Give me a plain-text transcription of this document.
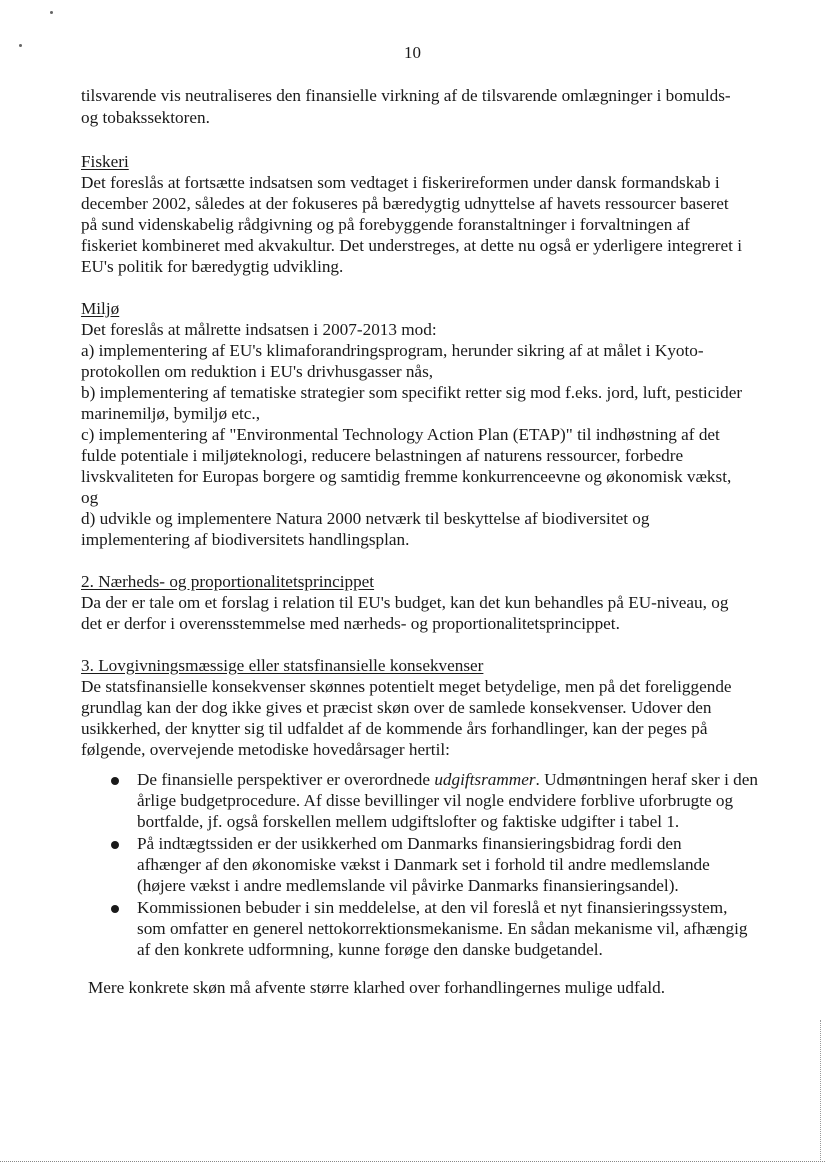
10
tilsvarende vis neutraliseres den finansielle virkning af de tilsvarende omlægninger i bomulds-
og tobakssektoren.
Fiskeri
Det foreslås at fortsætte indsatsen som vedtaget i fiskerireformen under dansk formandskab i
december 2002, således at der fokuseres på bæredygtig udnyttelse af havets ressourcer baseret
på sund videnskabelig rådgivning og på forebyggende foranstaltninger i forvaltningen af
fiskeriet kombineret med akvakultur. Det understreges, at dette nu også er yderligere integreret i
EU's politik for bæredygtig udvikling.
Miljø
Det foreslås at målrette indsatsen i 2007-2013 mod:
a) implementering af EU's klimaforandringsprogram, herunder sikring af at målet i Kyoto-
protokollen om reduktion i EU's drivhusgasser nås,
b) implementering af tematiske strategier som specifikt retter sig mod f.eks. jord, luft, pesticider
marinemiljø, bymiljø etc.,
c) implementering af "Environmental Technology Action Plan (ETAP)" til indhøstning af det
fulde potentiale i miljøteknologi, reducere belastningen af naturens ressourcer, forbedre
livskvaliteten for Europas borgere og samtidig fremme konkurrenceevne og økonomisk vækst,
og
d) udvikle og implementere Natura 2000 netværk til beskyttelse af biodiversitet og
implementering af biodiversitets handlingsplan.
2. Nærheds- og proportionalitetsprincippet
Da der er tale om et forslag i relation til EU's budget, kan det kun behandles på EU-niveau, og
det er derfor i overensstemmelse med nærheds- og proportionalitetsprincippet.
3. Lovgivningsmæssige eller statsfinansielle konsekvenser
De statsfinansielle konsekvenser skønnes potentielt meget betydelige, men på det foreliggende
grundlag kan der dog ikke gives et præcist skøn over de samlede konsekvenser. Udover den
usikkerhed, der knytter sig til udfaldet af de kommende års forhandlinger, kan der peges på
følgende, overvejende metodiske hovedårsager hertil:
De finansielle perspektiver er overordnede udgiftsrammer. Udmøntningen heraf sker i den
årlige budgetprocedure. Af disse bevillinger vil nogle endvidere forblive uforbrugte og
bortfalde, jf. også forskellen mellem udgiftslofter og faktiske udgifter i tabel 1.
På indtægtssiden er der usikkerhed om Danmarks finansieringsbidrag fordi den
afhænger af den økonomiske vækst i Danmark set i forhold til andre medlemslande
(højere vækst i andre medlemslande vil påvirke Danmarks finansieringsandel).
Kommissionen bebuder i sin meddelelse, at den vil foreslå et nyt finansieringssystem,
som omfatter en generel nettokorrektionsmekanisme. En sådan mekanisme vil, afhængig
af den konkrete udformning, kunne forøge den danske budgetandel.
Mere konkrete skøn må afvente større klarhed over forhandlingernes mulige udfald.
